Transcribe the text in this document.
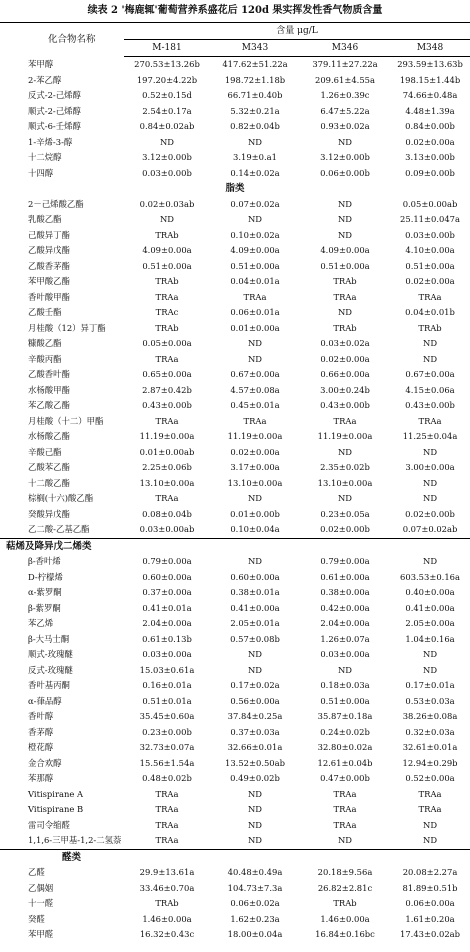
续表 2 '梅鹿辄'葡萄营养系盛花后 120d 果实挥发性香气物质含量
化合物名称	含量 μg/L			
	M-181	M343	M346	M348
苯甲醇	270.53±13.26b	417.62±51.22a	379.11±27.22a	293.59±13.63b
2-苯乙醇	197.20±4.22b	198.72±1.18b	209.61±4.55a	198.15±1.44b
反式-2-己烯醇	0.52±0.15d	66.71±0.40b	1.26±0.39c	74.66±0.48a
顺式-2-己烯醇	2.54±0.17a	5.32±0.21a	6.47±5.22a	4.48±1.39a
顺式-6-壬烯醇	0.84±0.02ab	0.82±0.04b	0.93±0.02a	0.84±0.00b
1-辛烯-3-醇	ND	ND	ND	0.02±0.00a
十二烷醇	3.12±0.00b	3.19±0.a1	3.12±0.00b	3.13±0.00b
十四醇	0.03±0.00b	0.14±0.02a	0.06±0.00b	0.09±0.00b
脂类				
2－己烯酸乙酯	0.02±0.03ab	0.07±0.02a	ND	0.05±0.00ab
乳酸乙酯	ND	ND	ND	25.11±0.047a
己酸异丁酯	TRAb	0.10±0.02a	ND	0.03±0.00b
乙酸异戊酯	4.09±0.00a	4.09±0.00a	4.09±0.00a	4.10±0.00a
乙酸香茅酯	0.51±0.00a	0.51±0.00a	0.51±0.00a	0.51±0.00a
苯甲酸乙酯	TRAb	0.04±0.01a	TRAb	0.02±0.00a
香叶酸甲酯	TRAa	TRAa	TRAa	TRAa
乙酸壬酯	TRAc	0.06±0.01a	ND	0.04±0.01b
月桂酸（12）异丁酯	TRAb	0.01±0.00a	TRAb	TRAb
糠酸乙酯	0.05±0.00a	ND	0.03±0.02a	ND
辛酸丙酯	TRAa	ND	0.02±0.00a	ND
乙酸香叶酯	0.65±0.00a	0.67±0.00a	0.66±0.00a	0.67±0.00a
水杨酸甲酯	2.87±0.42b	4.57±0.08a	3.00±0.24b	4.15±0.06a
苯乙酸乙酯	0.43±0.00b	0.45±0.01a	0.43±0.00b	0.43±0.00b
月桂酸（十二）甲酯	TRAa	TRAa	TRAa	TRAa
水杨酸乙酯	11.19±0.00a	11.19±0.00a	11.19±0.00a	11.25±0.04a
辛酸己酯	0.01±0.00ab	0.02±0.00a	ND	ND
乙酸苯乙酯	2.25±0.06b	3.17±0.00a	2.35±0.02b	3.00±0.00a
十二酸乙酯	13.10±0.00a	13.10±0.00a	13.10±0.00a	ND
棕榈(十六)酸乙酯	TRAa	ND	ND	ND
癸酸异戊酯	0.08±0.04b	0.01±0.00b	0.23±0.05a	0.02±0.00b
乙二酸-乙基乙酯	0.03±0.00ab	0.10±0.04a	0.02±0.00b	0.07±0.02ab
萜烯及降异戊二烯类				
β-香叶烯	0.79±0.00a	ND	0.79±0.00a	ND
D-柠檬烯	0.60±0.00a	0.60±0.00a	0.61±0.00a	603.53±0.16a
α-紫罗酮	0.37±0.00a	0.38±0.01a	0.38±0.00a	0.40±0.00a
β-紫罗酮	0.41±0.01a	0.41±0.00a	0.42±0.00a	0.41±0.00a
苯乙烯	2.04±0.00a	2.05±0.01a	2.04±0.00a	2.05±0.00a
β-大马士酮	0.61±0.13b	0.57±0.08b	1.26±0.07a	1.04±0.16a
顺式-玫瑰醚	0.03±0.00a	ND	0.03±0.00a	ND
反式-玫瑰醚	15.03±0.61a	ND	ND	ND
香叶基丙酮	0.16±0.01a	0.17±0.02a	0.18±0.03a	0.17±0.01a
α-葎品醇	0.51±0.01a	0.56±0.00a	0.51±0.00a	0.53±0.03a
香叶醇	35.45±0.60a	37.84±0.25a	35.87±0.18a	38.26±0.08a
香茅醇	0.23±0.00b	0.37±0.03a	0.24±0.02b	0.32±0.03a
橙花醇	32.73±0.07a	32.66±0.01a	32.80±0.02a	32.61±0.01a
金合欢醇	15.56±1.54a	13.52±0.50ab	12.61±0.04b	12.94±0.29b
苯那醇	0.48±0.02b	0.49±0.02b	0.47±0.00b	0.52±0.00a
Vitispirane A	TRAa	ND	TRAa	TRAa
Vitispirane B	TRAa	ND	TRAa	TRAa
雷司令缩醛	TRAa	ND	TRAa	ND
1,1,6-三甲基-1,2-二氢萘	TRAa	ND	ND	ND
醛类				
乙醛	29.9±13.61a	40.48±0.49a	20.18±9.56a	20.08±2.27a
乙偶姻	33.46±0.70a	104.73±7.3a	26.82±2.81c	81.89±0.51b
十一醛	TRAb	0.06±0.02a	TRAb	0.06±0.00a
癸醛	1.46±0.00a	1.62±0.23a	1.46±0.00a	1.61±0.20a
苯甲醛	16.32±0.43c	18.00±0.04a	16.84±0.16bc	17.43±0.02ab
